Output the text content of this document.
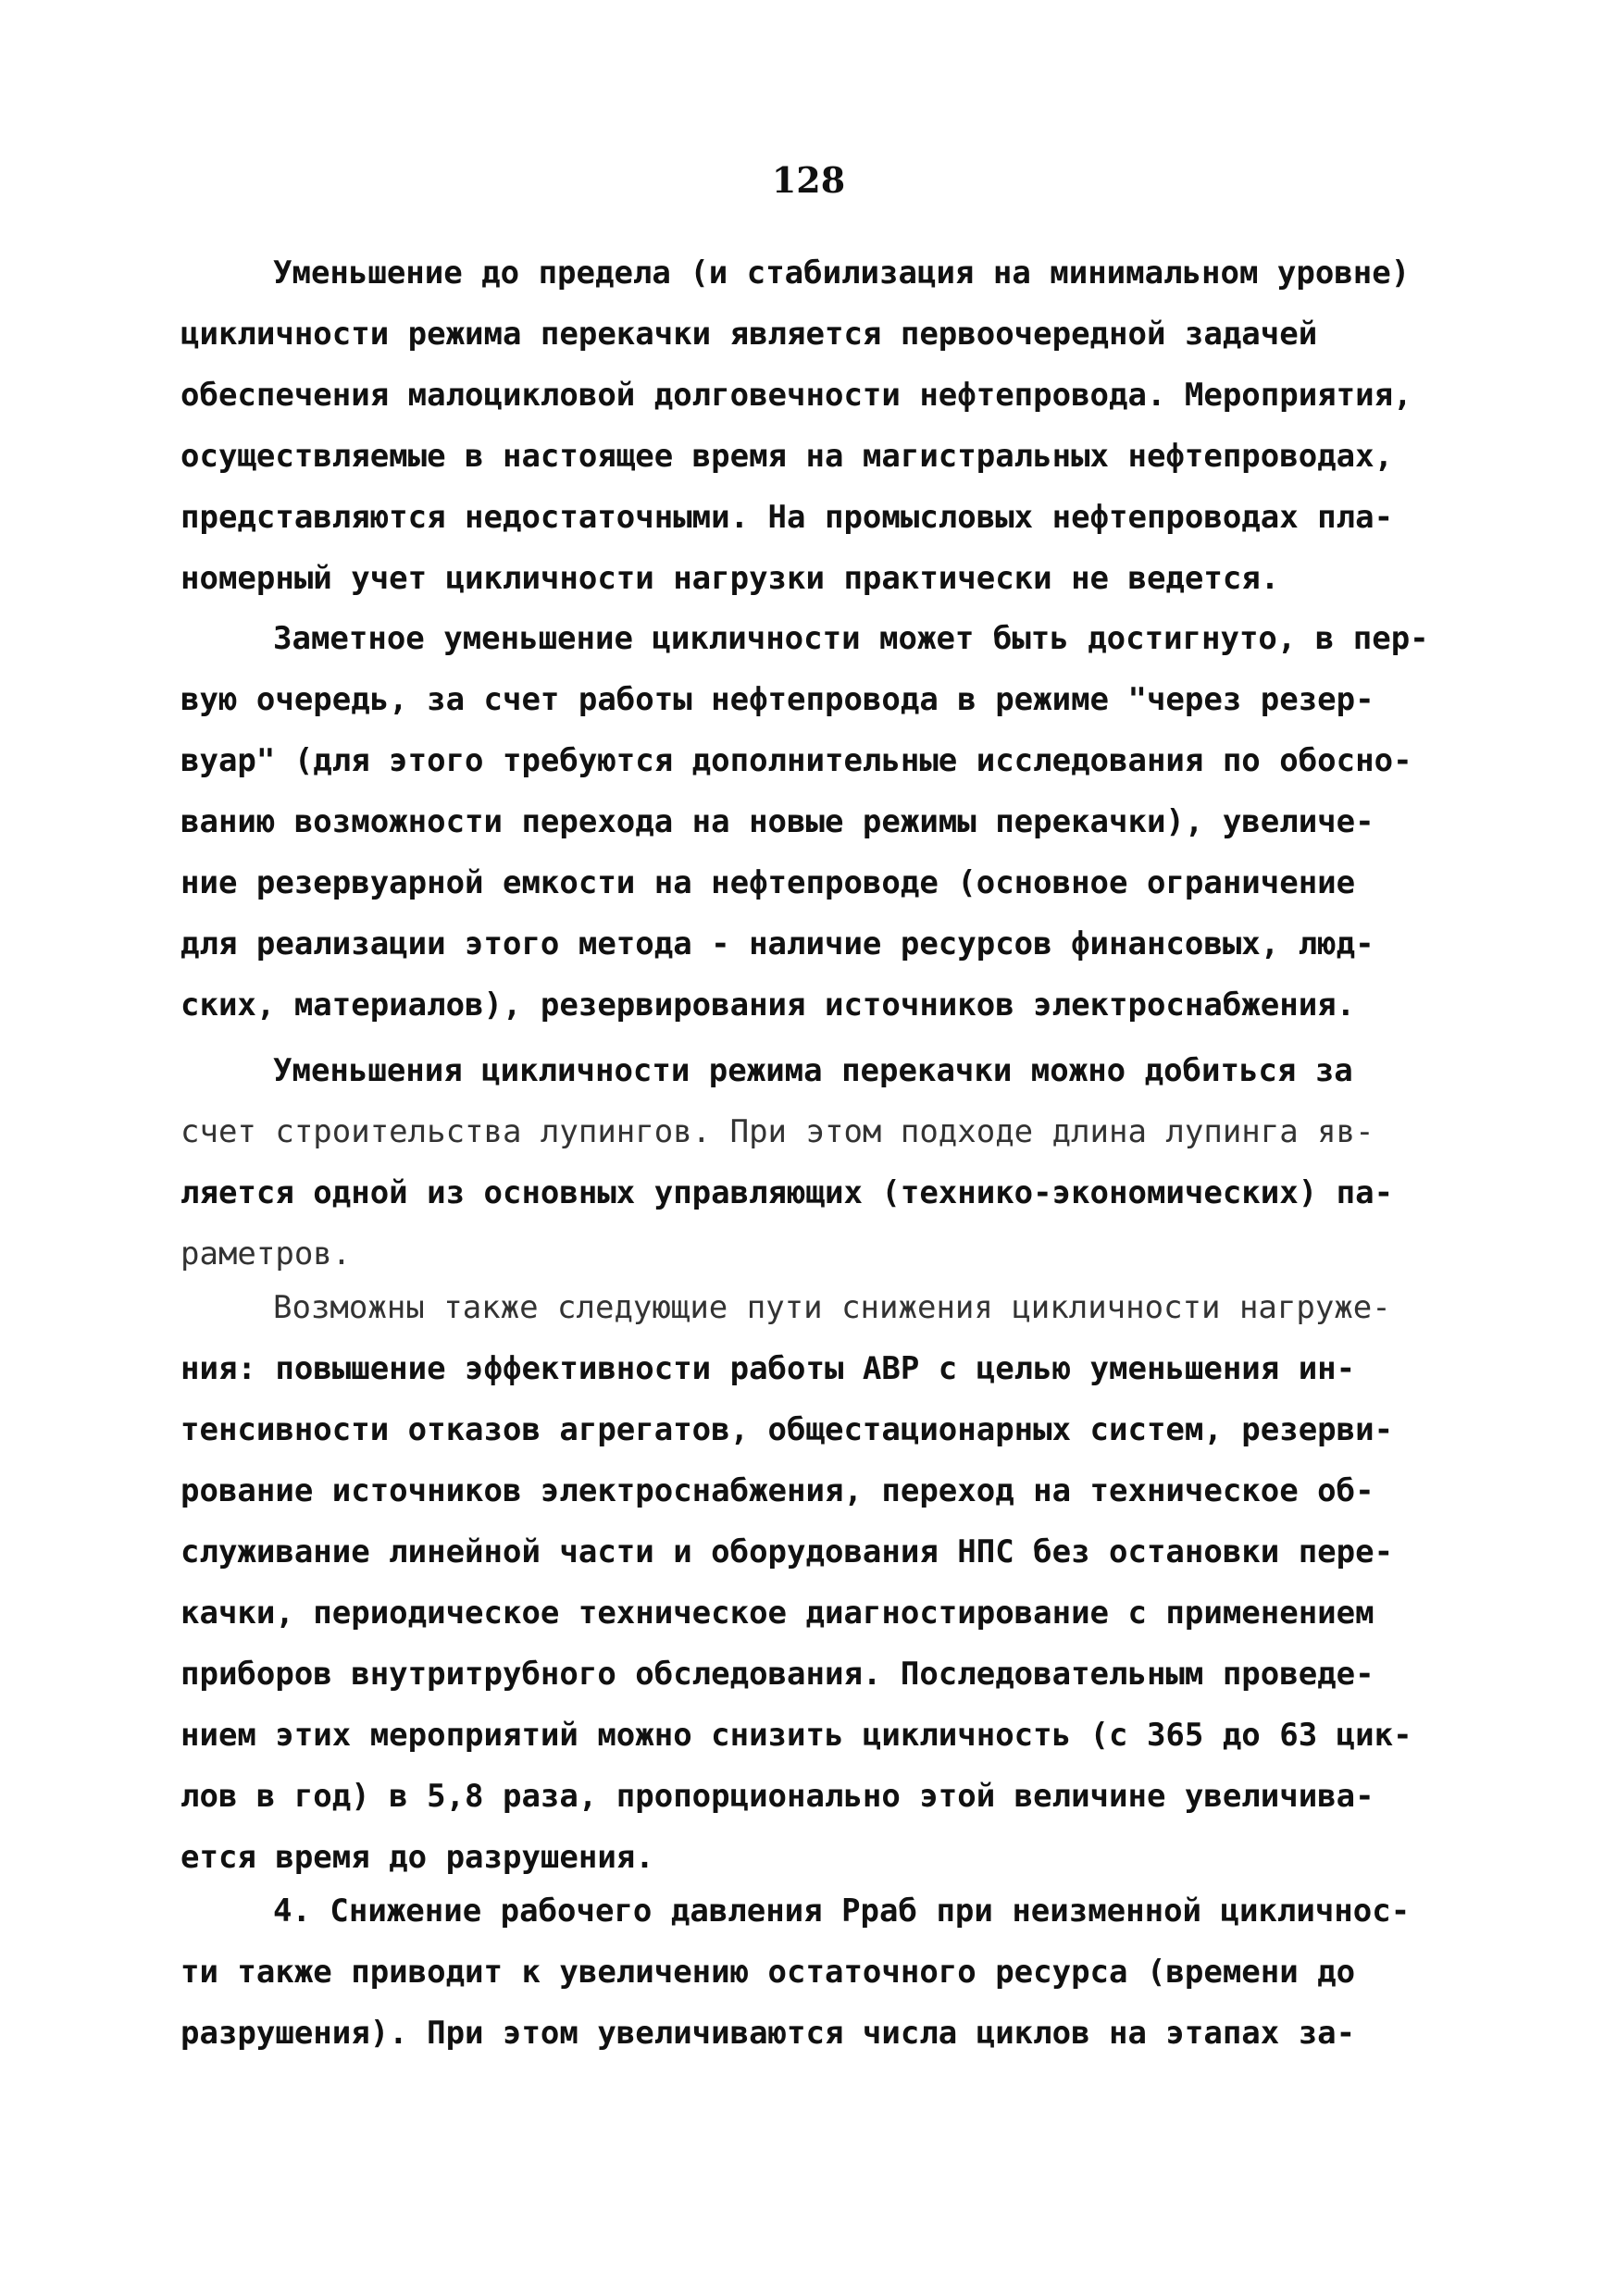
128
Уменьшение до предела (и стабилизация на минимальном уровне)
цикличности режима перекачки является первоочередной задачей
обеспечения малоцикловой долговечности нефтепровода. Мероприятия,
осуществляемые в настоящее время на магистральных нефтепроводах,
представляются недостаточными. На промысловых нефтепроводах пла-
номерный учет цикличности нагрузки практически не ведется.
Заметное уменьшение цикличности может быть достигнуто, в пер-
вую очередь, за счет работы нефтепровода в режиме "через резер-
вуар" (для этого требуются дополнительные исследования по обосно-
ванию возможности перехода на новые режимы перекачки), увеличе-
ние резервуарной емкости на нефтепроводе (основное ограничение
для реализации этого метода - наличие ресурсов финансовых, люд-
ских, материалов), резервирования источников электроснабжения.
Уменьшения цикличности режима перекачки можно добиться за
счет строительства лупингов. При этом подходе длина лупинга яв-
ляется одной из основных управляющих (технико-экономических) па-
раметров.
Возможны также следующие пути снижения цикличности нагруже-
ния: повышение эффективности работы АВР с целью уменьшения ин-
тенсивности отказов агрегатов, общестационарных систем, резерви-
рование источников электроснабжения, переход на техническое об-
служивание линейной части и оборудования НПС без остановки пере-
качки, периодическое техническое диагностирование с применением
приборов внутритрубного обследования. Последовательным проведе-
нием этих мероприятий можно снизить цикличность (с 365 до 63 цик-
лов в год) в 5,8 раза, пропорционально этой величине увеличива-
ется время до разрушения.
4. Снижение рабочего давления Pраб при неизменной цикличнос-
ти также приводит к увеличению остаточного ресурса (времени до
разрушения). При этом увеличиваются числа циклов на этапах за-
